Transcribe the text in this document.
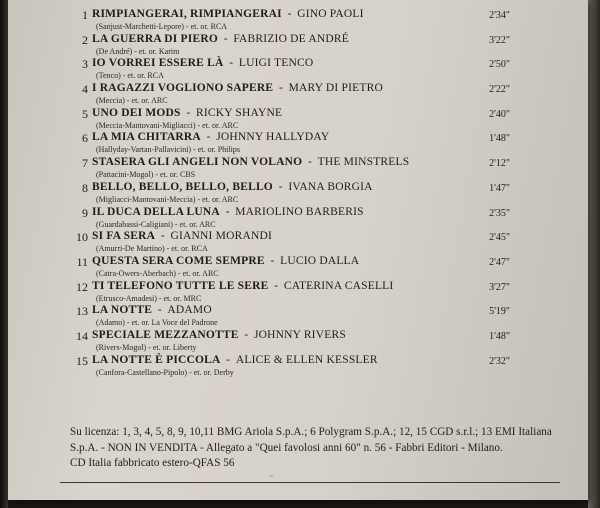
1 RIMPIANGERAI, RIMPIANGERAI - GINO PAOLI
(Sanjust-Marchetti-Lepore) - et. or. RCA
2'34"
2 LA GUERRA DI PIERO - FABRIZIO DE ANDRÉ
(De André) - et. or. Karim
3'22"
3 IO VORREI ESSERE LÀ - LUIGI TENCO
(Tenco) - et. or. RCA
2'50"
4 I RAGAZZI VOGLIONO SAPERE - MARY DI PIETRO
(Meccia) - et. or. ARC
2'22"
5 UNO DEI MODS - RICKY SHAYNE
(Meccia-Mantovani-Migliacci) - et. or. ARC
2'40"
6 LA MIA CHITARRA - JOHNNY HALLYDAY
(Hallyday-Vartan-Pallavicini) - et. or. Philips
1'48"
7 STASERA GLI ANGELI NON VOLANO - THE MINSTRELS
(Pattacini-Mogol) - et. or. CBS
2'12"
8 BELLO, BELLO, BELLO, BELLO - IVANA BORGIA
(Migliacci-Mantovani-Meccia) - et. or. ARC
1'47"
9 IL DUCA DELLA LUNA - MARIOLINO BARBERIS
(Guardabassi-Caligiani) - et. or. ARC
2'35"
10 SI FA SERA - GIANNI MORANDI
(Amurri-De Martino) - et. or. RCA
2'45"
11 QUESTA SERA COME SEMPRE - LUCIO DALLA
(Catra-Owers-Aberbach) - et. or. ARC
2'47"
12 TI TELEFONO TUTTE LE SERE - CATERINA CASELLI
(Etrusco-Amadesi) - et. or. MRC
3'27"
13 LA NOTTE - ADAMO
(Adamo) - et. or. La Voce del Padrone
5'19"
14 SPECIALE MEZZANOTTE - JOHNNY RIVERS
(Rivers-Mogol) - et. or. Liberty
1'48"
15 LA NOTTE È PICCOLA - ALICE & ELLEN KESSLER
(Canfora-Castellano-Pipolo) - et. or. Derby
2'32"
Su licenza: 1, 3, 4, 5, 8, 9, 10,11 BMG Ariola S.p.A.; 6 Polygram S.p.A.; 12, 15 CGD s.r.l.; 13 EMI Italiana
S.p.A. - NON IN VENDITA - Allegato a "Quei favolosi anni 60" n. 56 - Fabbri Editori - Milano.
CD Italia fabbricato estero-QFAS 56
″
